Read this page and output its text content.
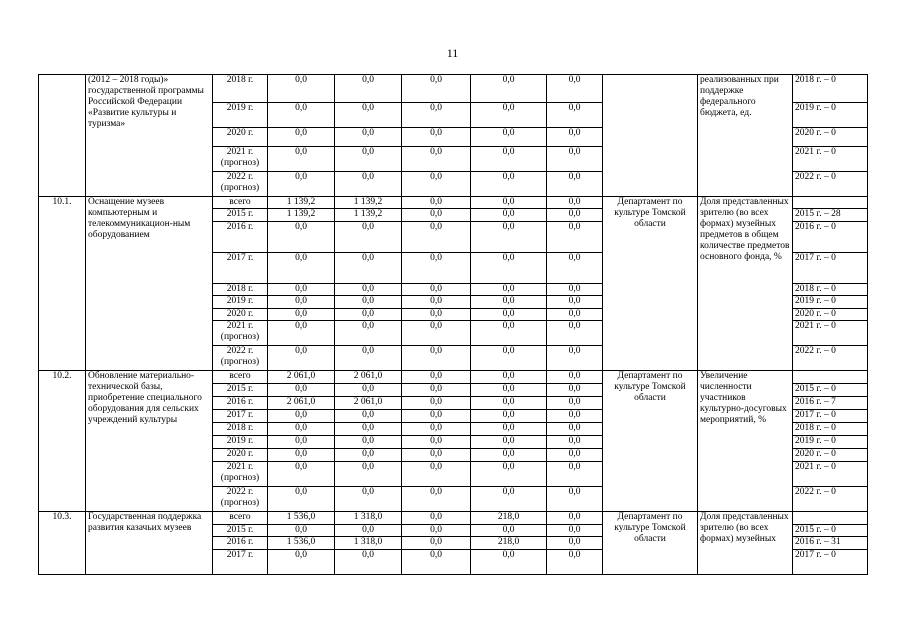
11
	(2012 – 2018 годы)» государственной программы Российской Федерации «Развитие культуры и туризма»	2018 г.	0,0	0,0	0,0	0,0	0,0		реализованных при поддержке федерального бюджета, ед.	2018 г. – 0
		2019 г.	0,0	0,0	0,0	0,0	0,0			2019 г. – 0
		2020 г.	0,0	0,0	0,0	0,0	0,0			2020 г. – 0
		2021 г. (прогноз)	0,0	0,0	0,0	0,0	0,0			2021 г. – 0
		2022 г. (прогноз)	0,0	0,0	0,0	0,0	0,0			2022 г. – 0
10.1.	Оснащение музеев компьютерным и телекоммуникацион-ным оборудованием	всего	1 139,2	1 139,2	0,0	0,0	0,0	Департамент по культуре Томской области	Доля представленных зрителю (во всех формах) музейных предметов в общем количестве предметов основного фонда, %	
		2015 г.	1 139,2	1 139,2	0,0	0,0	0,0			2015 г. – 28
		2016 г.	0,0	0,0	0,0	0,0	0,0			2016 г. – 0
		2017 г.	0,0	0,0	0,0	0,0	0,0			2017 г. – 0
		2018 г.	0,0	0,0	0,0	0,0	0,0			2018 г. – 0
		2019 г.	0,0	0,0	0,0	0,0	0,0			2019 г. – 0
		2020 г.	0,0	0,0	0,0	0,0	0,0			2020 г. – 0
		2021 г. (прогноз)	0,0	0,0	0,0	0,0	0,0			2021 г. – 0
		2022 г. (прогноз)	0,0	0,0	0,0	0,0	0,0			2022 г. – 0
10.2.	Обновление материально-технической базы, приобретение специального оборудования для сельских учреждений культуры	всего	2 061,0	2 061,0	0,0	0,0	0,0	Департамент по культуре Томской области	Увеличение численности участников культурно-досуговых мероприятий, %	
		2015 г.	0,0	0,0	0,0	0,0	0,0			2015 г. – 0
		2016 г.	2 061,0	2 061,0	0,0	0,0	0,0			2016 г. – 7
		2017 г.	0,0	0,0	0,0	0,0	0,0			2017 г. – 0
		2018 г.	0,0	0,0	0,0	0,0	0,0			2018 г. – 0
		2019 г.	0,0	0,0	0,0	0,0	0,0			2019 г. – 0
		2020 г.	0,0	0,0	0,0	0,0	0,0			2020 г. – 0
		2021 г. (прогноз)	0,0	0,0	0,0	0,0	0,0			2021 г. – 0
		2022 г. (прогноз)	0,0	0,0	0,0	0,0	0,0			2022 г. – 0
10.3.	Государственная поддержка развития казачьих музеев	всего	1 536,0	1 318,0	0,0	218,0	0,0	Департамент по культуре Томской области	Доля представленных зрителю (во всех формах) музейных	
		2015 г.	0,0	0,0	0,0	0,0	0,0			2015 г. – 0
		2016 г.	1 536,0	1 318,0	0,0	218,0	0,0			2016 г. – 31
		2017 г.	0,0	0,0	0,0	0,0	0,0			2017 г. – 0
